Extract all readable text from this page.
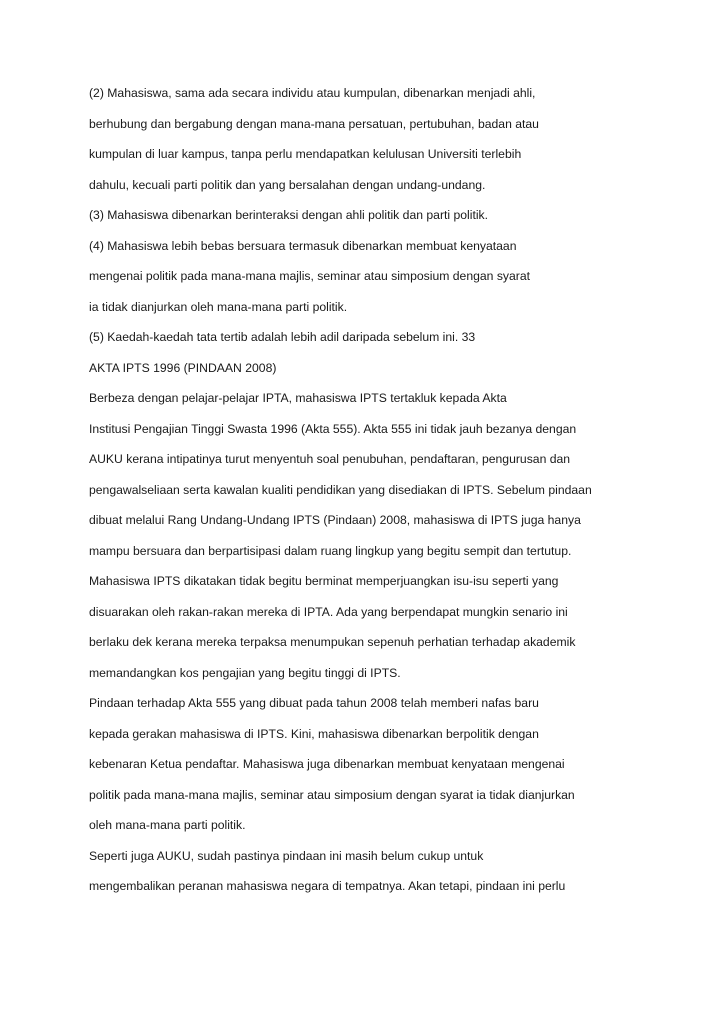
(2) Mahasiswa, sama ada secara individu atau kumpulan, dibenarkan menjadi ahli,
berhubung dan bergabung dengan mana-mana persatuan, pertubuhan, badan atau
kumpulan di luar kampus, tanpa perlu mendapatkan kelulusan Universiti terlebih
dahulu, kecuali parti politik dan yang bersalahan dengan undang-undang.
(3) Mahasiswa dibenarkan berinteraksi dengan ahli politik dan parti politik.
(4) Mahasiswa lebih bebas bersuara termasuk dibenarkan membuat kenyataan
mengenai politik pada mana-mana majlis, seminar atau simposium dengan syarat
ia tidak dianjurkan oleh mana-mana parti politik.
(5) Kaedah-kaedah tata tertib adalah lebih adil daripada sebelum ini. 33
AKTA IPTS 1996 (PINDAAN 2008)
Berbeza dengan pelajar-pelajar IPTA, mahasiswa IPTS tertakluk kepada Akta
Institusi Pengajian Tinggi Swasta 1996 (Akta 555). Akta 555 ini tidak jauh bezanya dengan
AUKU kerana intipatinya turut menyentuh soal penubuhan, pendaftaran, pengurusan dan
pengawalseliaan serta kawalan kualiti pendidikan yang disediakan di IPTS. Sebelum pindaan
dibuat melalui Rang Undang-Undang IPTS (Pindaan) 2008, mahasiswa di IPTS juga hanya
mampu bersuara dan berpartisipasi dalam ruang lingkup yang begitu sempit dan tertutup.
Mahasiswa IPTS dikatakan tidak begitu berminat memperjuangkan isu-isu seperti yang
disuarakan oleh rakan-rakan mereka di IPTA. Ada yang berpendapat mungkin senario ini
berlaku dek kerana mereka terpaksa menumpukan sepenuh perhatian terhadap akademik
memandangkan kos pengajian yang begitu tinggi di IPTS.
Pindaan terhadap Akta 555 yang dibuat pada tahun 2008 telah memberi nafas baru
kepada gerakan mahasiswa di IPTS. Kini, mahasiswa dibenarkan berpolitik dengan
kebenaran Ketua pendaftar. Mahasiswa juga dibenarkan membuat kenyataan mengenai
politik pada mana-mana majlis, seminar atau simposium dengan syarat ia tidak dianjurkan
oleh mana-mana parti politik.
Seperti juga AUKU, sudah pastinya pindaan ini masih belum cukup untuk
mengembalikan peranan mahasiswa negara di tempatnya. Akan tetapi, pindaan ini perlu
